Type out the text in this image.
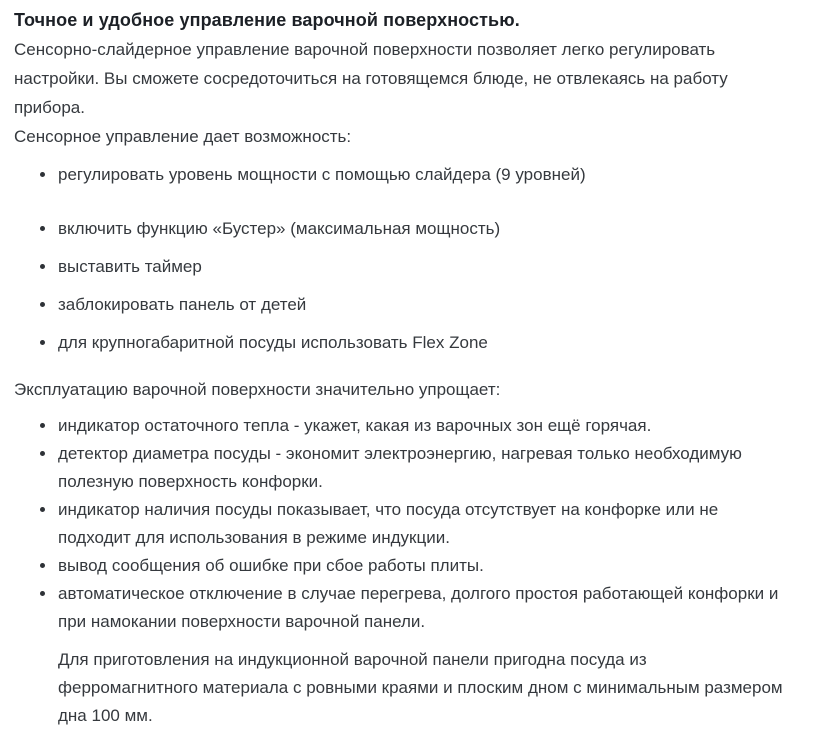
Точное и удобное управление варочной поверхностью.
Сенсорно-слайдерное управление варочной поверхности позволяет легко регулировать
настройки. Вы сможете сосредоточиться на готовящемся блюде, не отвлекаясь на работу
прибора.
Сенсорное управление дает возможность:
регулировать уровень мощности с помощью слайдера (9 уровней)
включить функцию «Бустер» (максимальная мощность)
выставить таймер
заблокировать панель от детей
для крупногабаритной посуды использовать Flex Zone
Эксплуатацию варочной поверхности значительно упрощает:
индикатор остаточного тепла - укажет, какая из варочных зон ещё горячая.
детектор диаметра посуды - экономит электроэнергию, нагревая только необходимую
полезную поверхность конфорки.
индикатор наличия посуды показывает, что посуда отсутствует на конфорке или не
подходит для использования в режиме индукции.
вывод сообщения об ошибке при сбое работы плиты.
автоматическое отключение в случае перегрева, долгого простоя работающей конфорки и
при намокании поверхности варочной панели.
Для приготовления на индукционной варочной панели пригодна посуда из
ферромагнитного материала с ровными краями и плоским дном с минимальным размером
дна 100 мм.
